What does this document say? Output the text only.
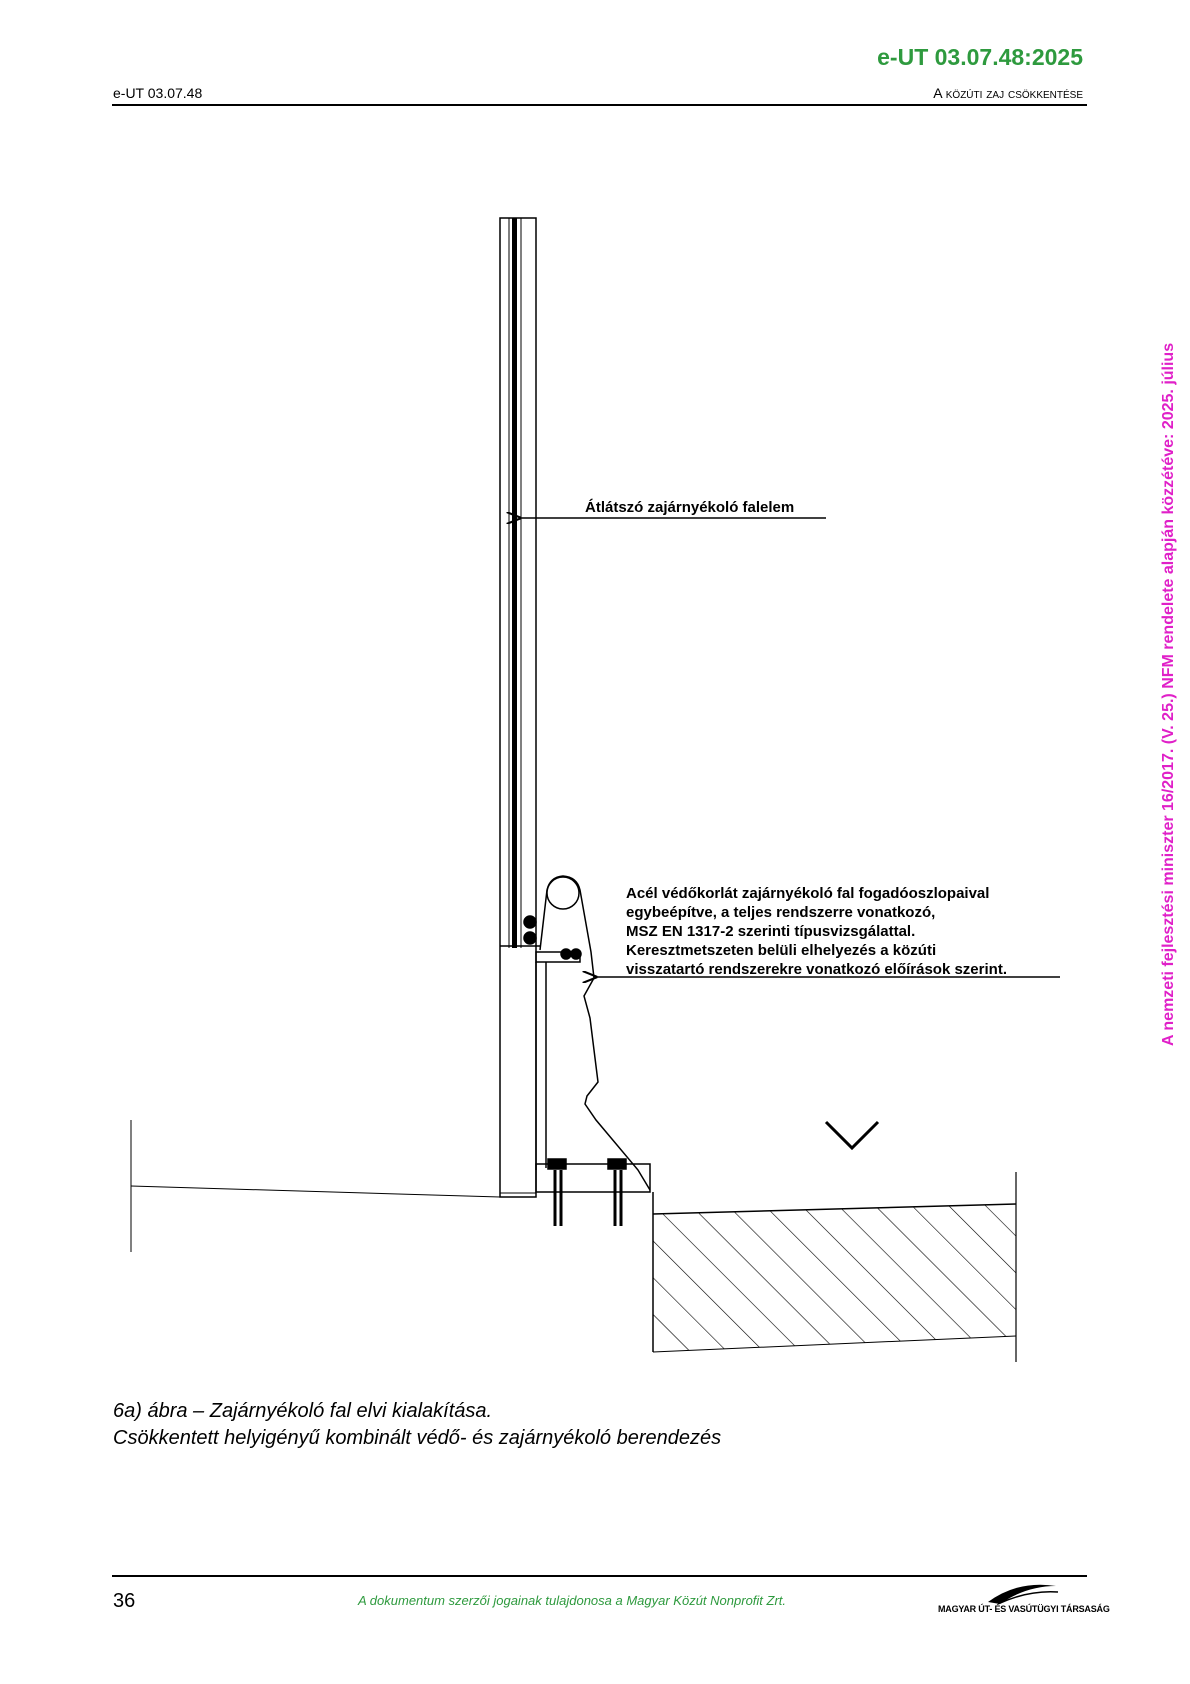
e-UT 03.07.48:2025
e-UT 03.07.48	A közúti zaj csökkentése
A nemzeti fejlesztési miniszter 16/2017. (V. 25.) NFM rendelete alapján közzétéve: 2025. július
Átlátszó zajárnyékoló falelem
Acél védőkorlát zajárnyékoló fal fogadóoszlopaival
egybeépítve, a teljes rendszerre vonatkozó,
MSZ EN 1317-2 szerinti típusvizsgálattal.
Keresztmetszeten belüli elhelyezés a közúti
visszatartó rendszerekre vonatkozó előírások szerint.
6a) ábra – Zajárnyékoló fal elvi kialakítása.
Csökkentett helyigényű kombinált védő- és zajárnyékoló berendezés
36	A dokumentum szerzői jogainak tulajdonosa a Magyar Közút Nonprofit Zrt.
MAGYAR ÚT- ÉS VASÚTÜGYI TÁRSASÁG
